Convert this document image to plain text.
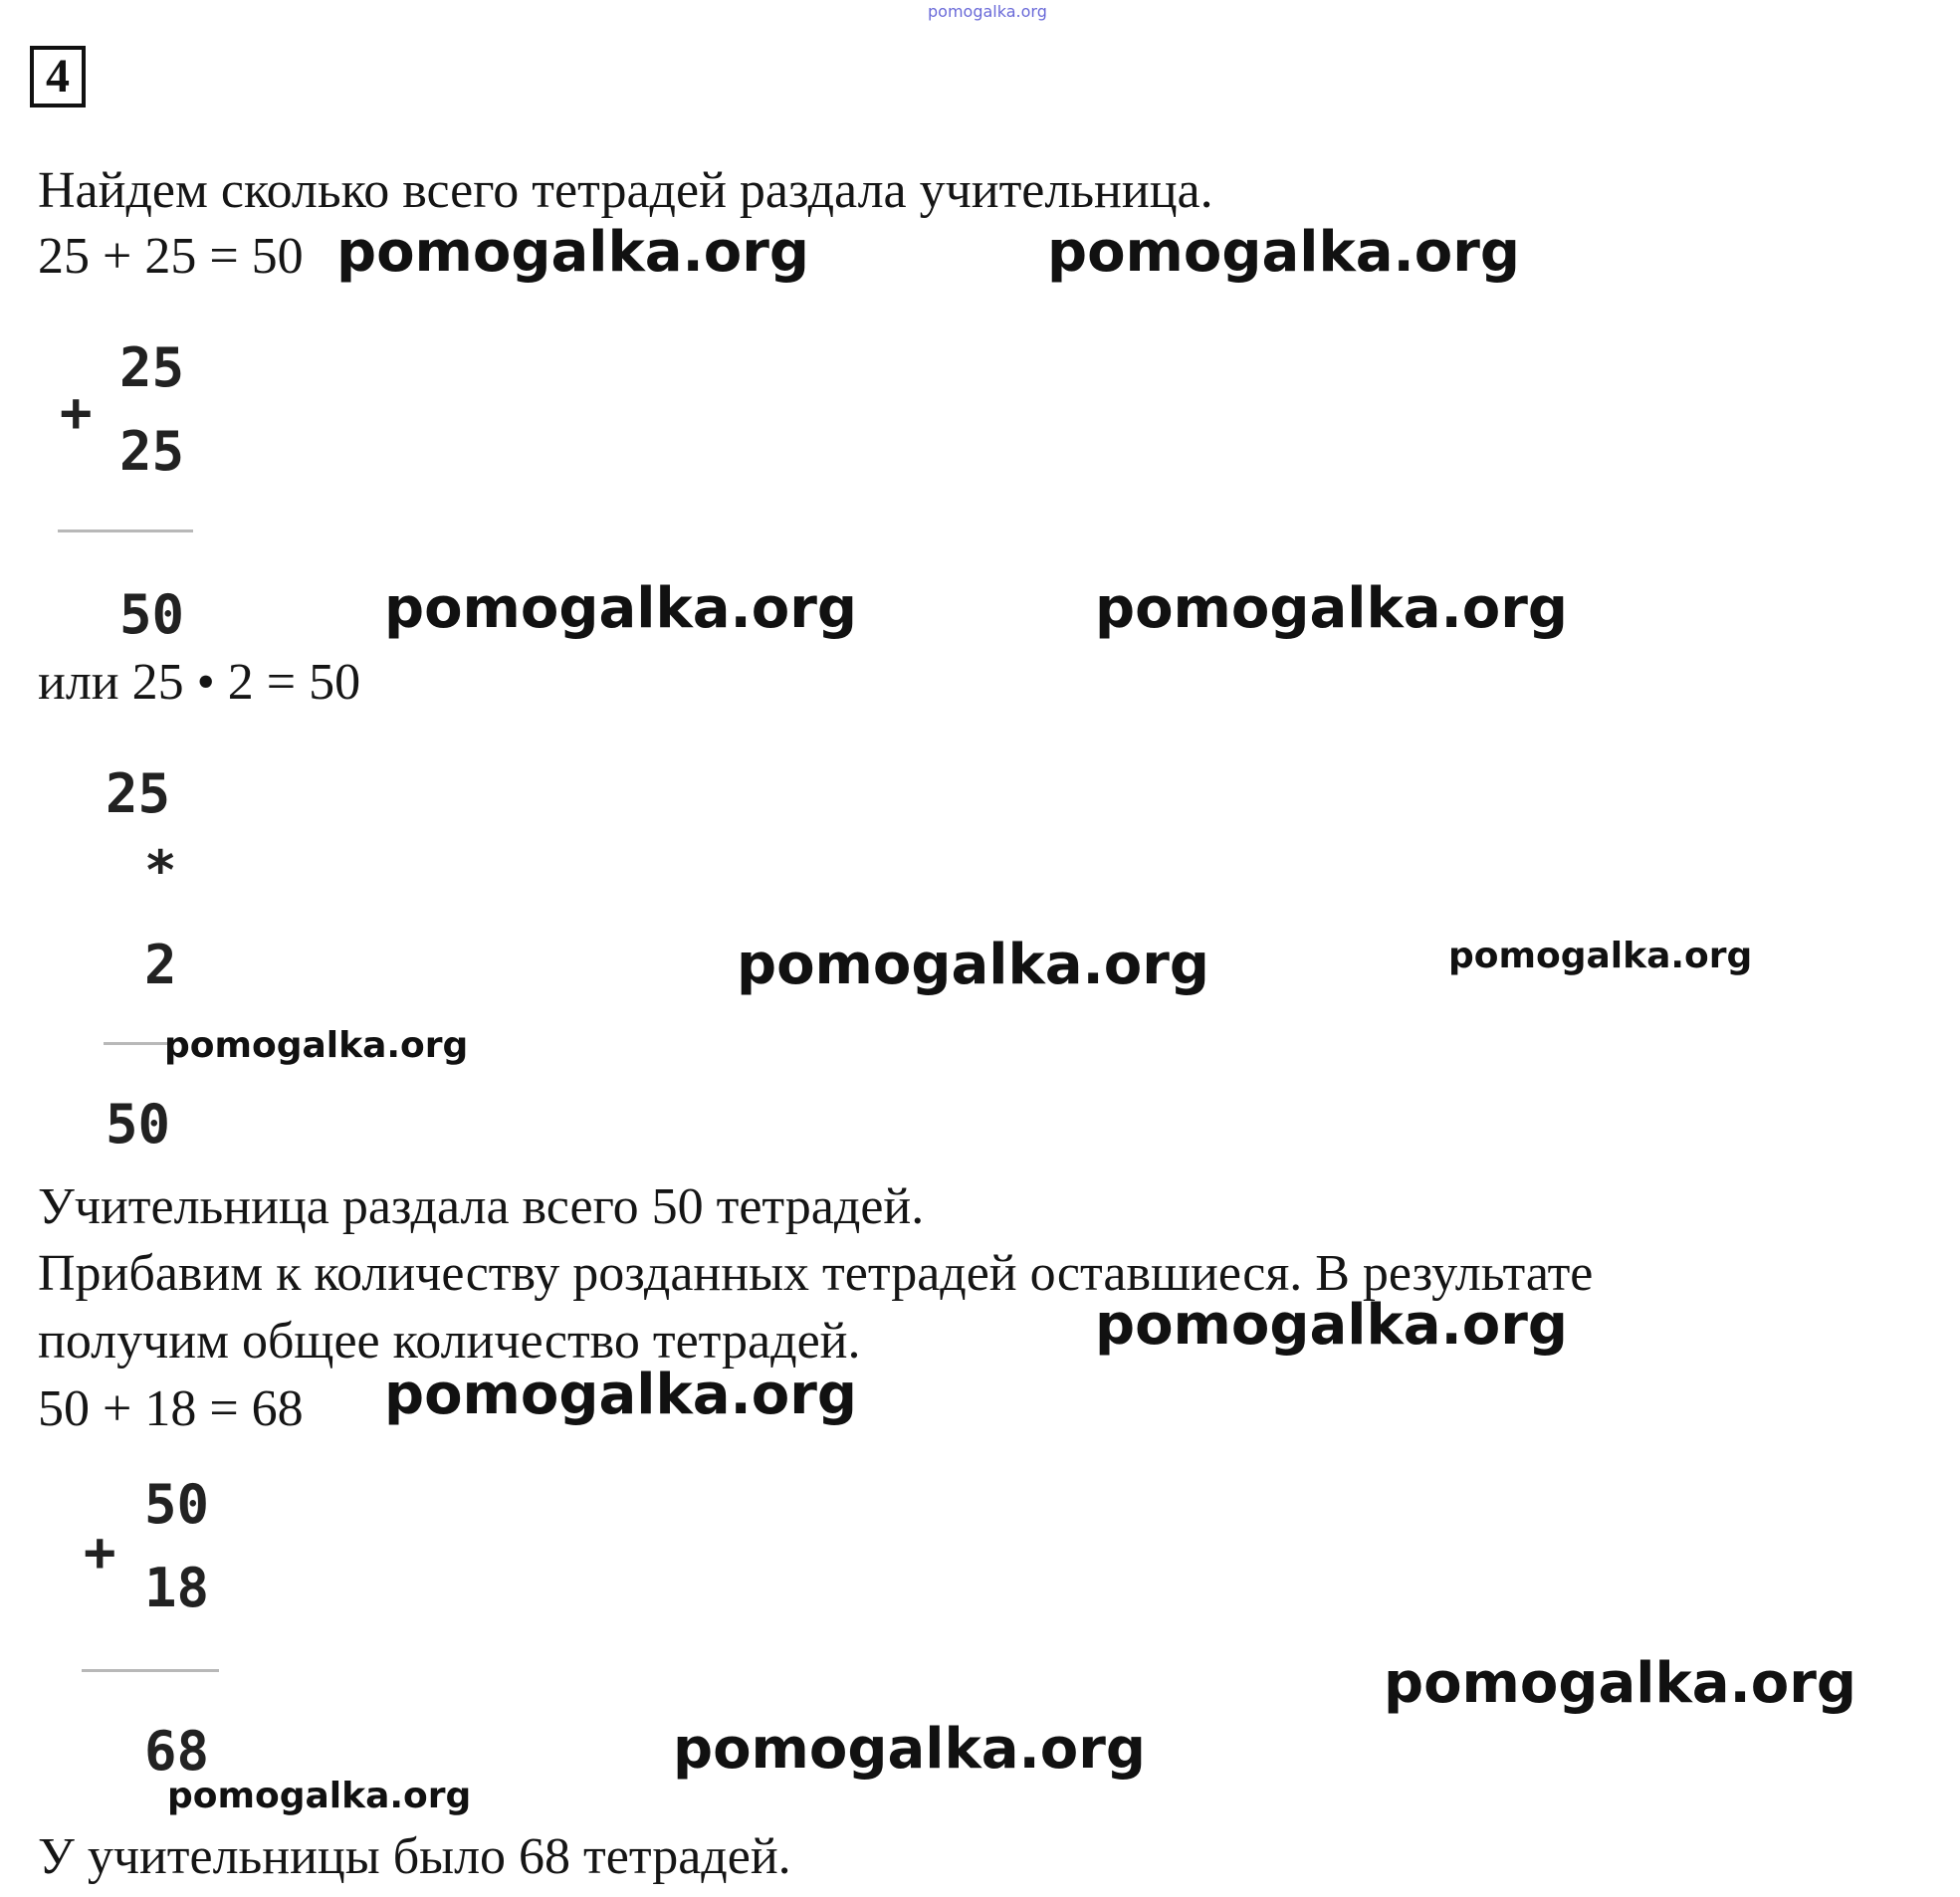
pomogalka.org
4
Найдем сколько всего тетрадей раздала учительница.
25 + 25 = 50
+
25
25
50
или 25 • 2 = 50
25
*
2
50
Учительница раздала всего 50 тетрадей.
Прибавим к количеству розданных тетрадей оставшиеся. В результате
получим общее количество тетрадей.
50 + 18 = 68
+
50
18
68
У учительницы было 68 тетрадей.
pomogalka.org	pomogalka.org
pomogalka.org	pomogalka.org
pomogalka.org	pomogalka.org
pomogalka.org
pomogalka.org
pomogalka.org
pomogalka.org
pomogalka.org
pomogalka.org
